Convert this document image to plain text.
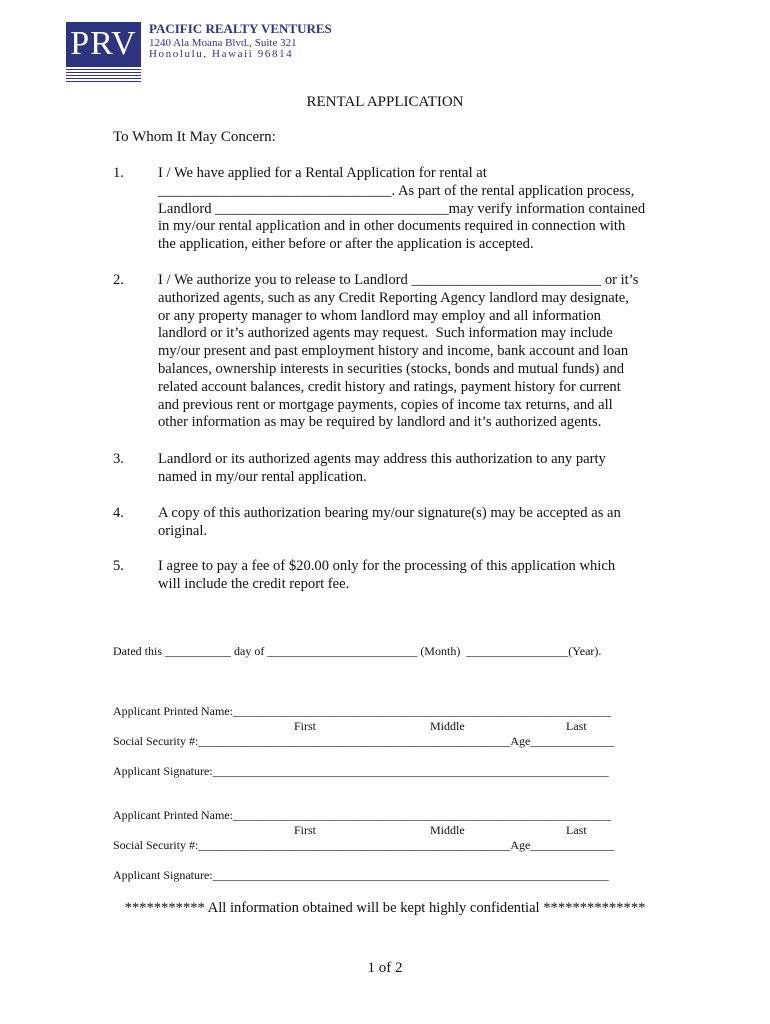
PRV PACIFIC REALTY VENTURES
1240 Ala Moana Blvd., Suite 321
Honolulu, Hawaii 96814
RENTAL APPLICATION
To Whom It May Concern:
1. I / We have applied for a Rental Application for rental at
________________________________. As part of the rental application process,
Landlord ________________________________may verify information contained
in my/our rental application and in other documents required in connection with
the application, either before or after the application is accepted.
2. I / We authorize you to release to Landlord __________________________ or it’s
authorized agents, such as any Credit Reporting Agency landlord may designate,
or any property manager to whom landlord may employ and all information
landlord or it’s authorized agents may request.  Such information may include
my/our present and past employment history and income, bank account and loan
balances, ownership interests in securities (stocks, bonds and mutual funds) and
related account balances, credit history and ratings, payment history for current
and previous rent or mortgage payments, copies of income tax returns, and all
other information as may be required by landlord and it’s authorized agents.
3. Landlord or its authorized agents may address this authorization to any party
named in my/our rental application.
4. A copy of this authorization bearing my/our signature(s) may be accepted as an
original.
5. I agree to pay a fee of $20.00 only for the processing of this application which
will include the credit report fee.
Dated this ___________ day of _________________________ (Month)  _________________(Year).
Applicant Printed Name:_______________________________________________________________
First	Middle	Last
Social Security #:____________________________________________________Age______________
Applicant Signature:__________________________________________________________________
Applicant Printed Name:_______________________________________________________________
First	Middle	Last
Social Security #:____________________________________________________Age______________
Applicant Signature:__________________________________________________________________
*********** All information obtained will be kept highly confidential **************
1 of 2
